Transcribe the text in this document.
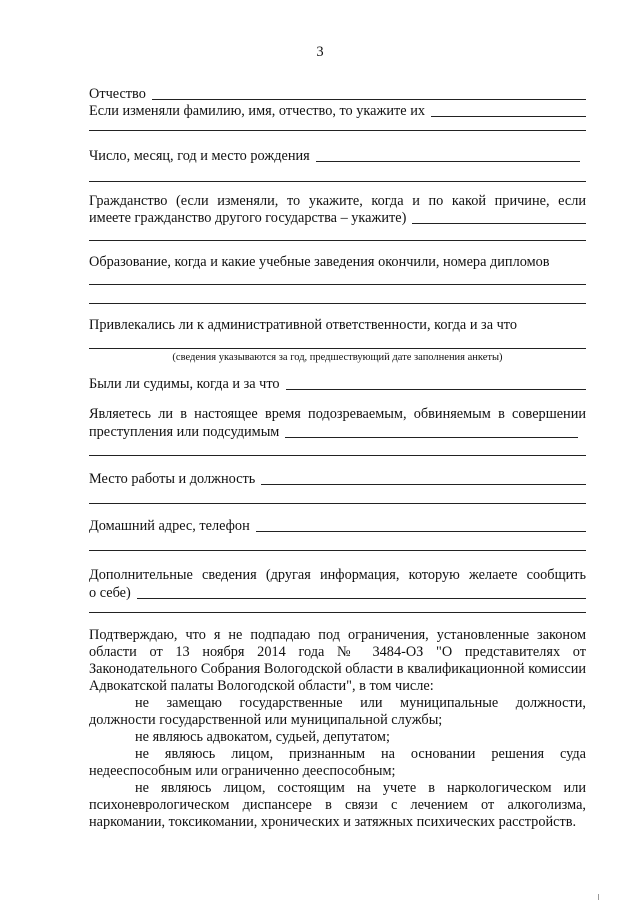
3
Отчество
Если изменяли фамилию, имя, отчество, то укажите их
Число, месяц, год и место рождения
Гражданство (если изменяли, то укажите, когда и по какой причине, если
имеете гражданство другого государства – укажите)
Образование, когда и какие учебные заведения окончили, номера дипломов
Привлекались ли к административной ответственности, когда и за что
(сведения указываются за год, предшествующий дате заполнения анкеты)
Были ли судимы, когда и за что
Являетесь ли в настоящее время подозреваемым, обвиняемым в совершении
преступления или подсудимым
Место работы и должность
Домашний адрес, телефон
Дополнительные сведения (другая информация, которую желаете сообщить
о себе)

Подтверждаю, что я не подпадаю под ограничения, установленные законом области от 13 ноября 2014 года № 3484-ОЗ "О представителях от Законодательного Собрания Вологодской области в квалификационной комиссии Адвокатской палаты Вологодской области", в том числе:

не замещаю государственные или муниципальные должности, должности государственной или муниципальной службы;

не являюсь адвокатом, судьей, депутатом;

не являюсь лицом, признанным на основании решения суда недееспособным или ограниченно дееспособным;

не являюсь лицом, состоящим на учете в наркологическом или психоневрологическом диспансере в связи с лечением от алкоголизма, наркомании, токсикомании, хронических и затяжных психических расстройств.
